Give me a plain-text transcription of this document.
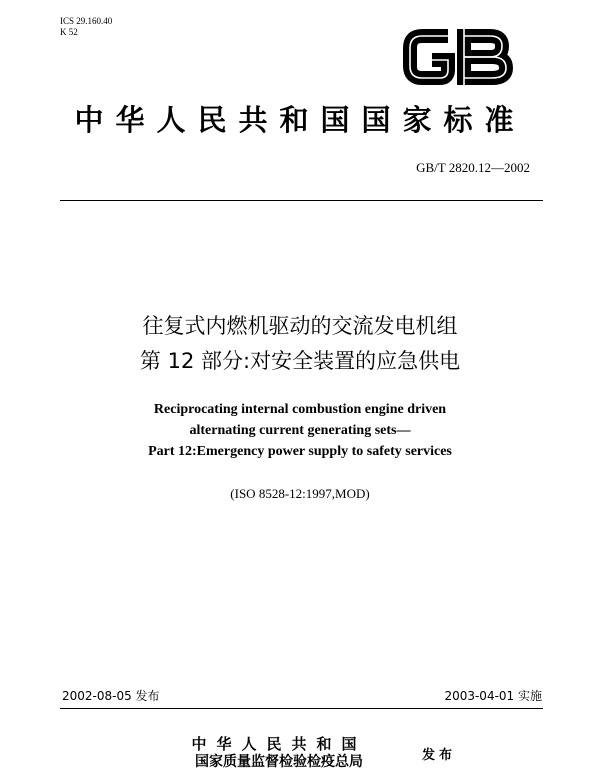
ICS 29.160.40
K 52
GB
中华人民共和国国家标准
GB/T 2820.12—2002
往复式内燃机驱动的交流发电机组
第 12 部分:对安全装置的应急供电
Reciprocating internal combustion engine driven
alternating current generating sets—
Part 12:Emergency power supply to safety services
(ISO 8528-12:1997,MOD)
2002-08-05 发布	2003-04-01 实施
中华人民共和国
国家质量监督检验检疫总局	发布
